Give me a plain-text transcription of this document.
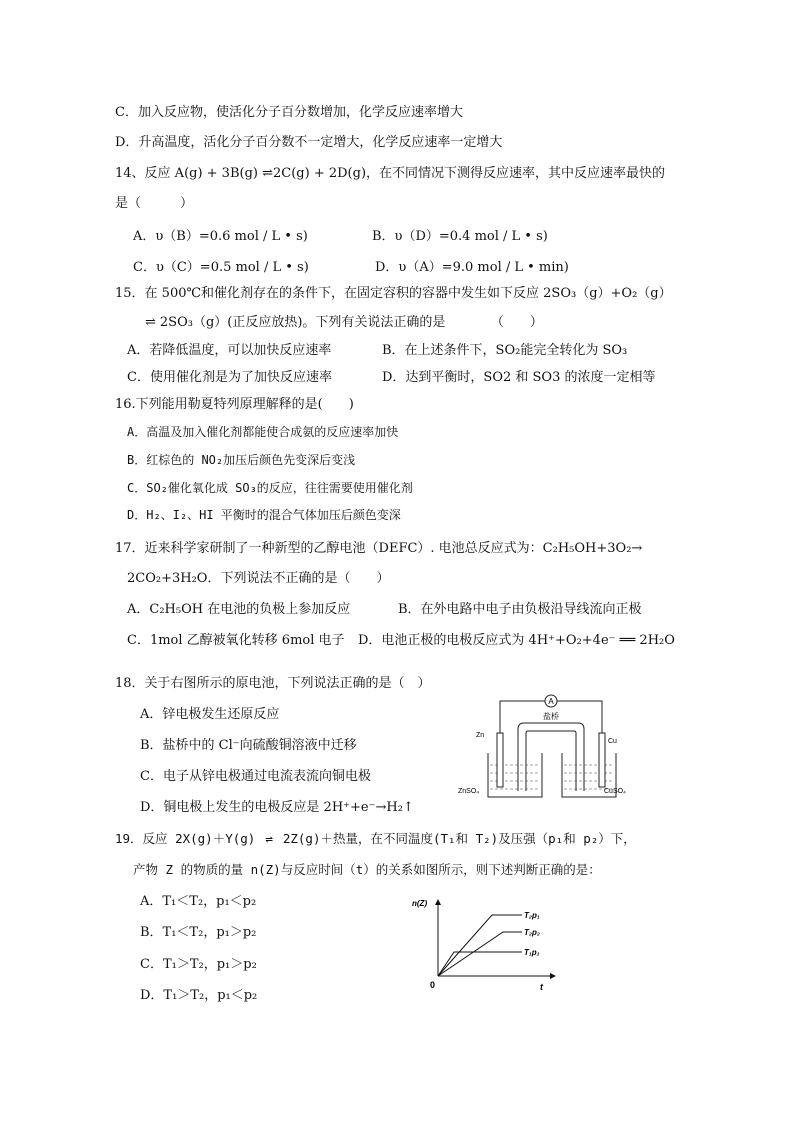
C．加入反应物，使活化分子百分数增加，化学反应速率增大
D．升高温度，活化分子百分数不一定增大，化学反应速率一定增大
14、反应 A(g) + 3B(g) ⇌2C(g) + 2D(g)，在不同情况下测得反应速率，其中反应速率最快的
是（　　　）
A．υ（B）=0.6 mol / L • s)	B．υ（D）=0.4 mol / L • s)
C．υ（C）=0.5 mol / L • s)	D．υ（A）=9.0 mol / L • min)
15．在 500℃和催化剂存在的条件下，在固定容积的容器中发生如下反应 2SO₃（g）+O₂（g）
⇌ 2SO₃（g）(正反应放热)。下列有关说法正确的是　　　　（　　）
A．若降低温度，可以加快反应速率	B．在上述条件下，SO₂能完全转化为 SO₃
C．使用催化剂是为了加快反应速率	D．达到平衡时，SO2 和 SO3 的浓度一定相等
16.下列能用勒夏特列原理解释的是(　　)
A．高温及加入催化剂都能使合成氨的反应速率加快
B．红棕色的 NO₂加压后颜色先变深后变浅
C．SO₂催化氧化成 SO₃的反应，往往需要使用催化剂
D．H₂、I₂、HI 平衡时的混合气体加压后颜色变深
17．近来科学家研制了一种新型的乙醇电池（DEFC）. 电池总反应式为：C₂H₅OH+3O₂→
2CO₂+3H₂O．下列说法不正确的是（　　）
A．C₂H₅OH 在电池的负极上参加反应	B．在外电路中电子由负极沿导线流向正极
C．1mol 乙醇被氧化转移 6mol 电子 D．电池正极的电极反应式为 4H⁺+O₂+4e⁻ ══ 2H₂O
18．关于右图所示的原电池，下列说法正确的是（　）
A．锌电极发生还原反应
B．盐桥中的 Cl⁻向硫酸铜溶液中迁移
C．电子从锌电极通过电流表流向铜电极
D．铜电极上发生的电极反应是 2H⁺+e⁻→H₂↑
A
盐桥
Zn
Cu
ZnSO₄	CuSO₄
19．反应 2X(g)＋Y(g) ⇌ 2Z(g)＋热量，在不同温度(T₁和 T₂)及压强（p₁和 p₂）下，
产物 Z 的物质的量 n(Z)与反应时间（t）的关系如图所示，则下述判断正确的是：
A．T₁＜T₂，p₁＜p₂
B．T₁＜T₂，p₁＞p₂
C．T₁＞T₂，p₁＞p₂
D．T₁＞T₂，p₁＜p₂
n(Z)
t
0
T₂p₁
T₂p₂
T₁p₁
